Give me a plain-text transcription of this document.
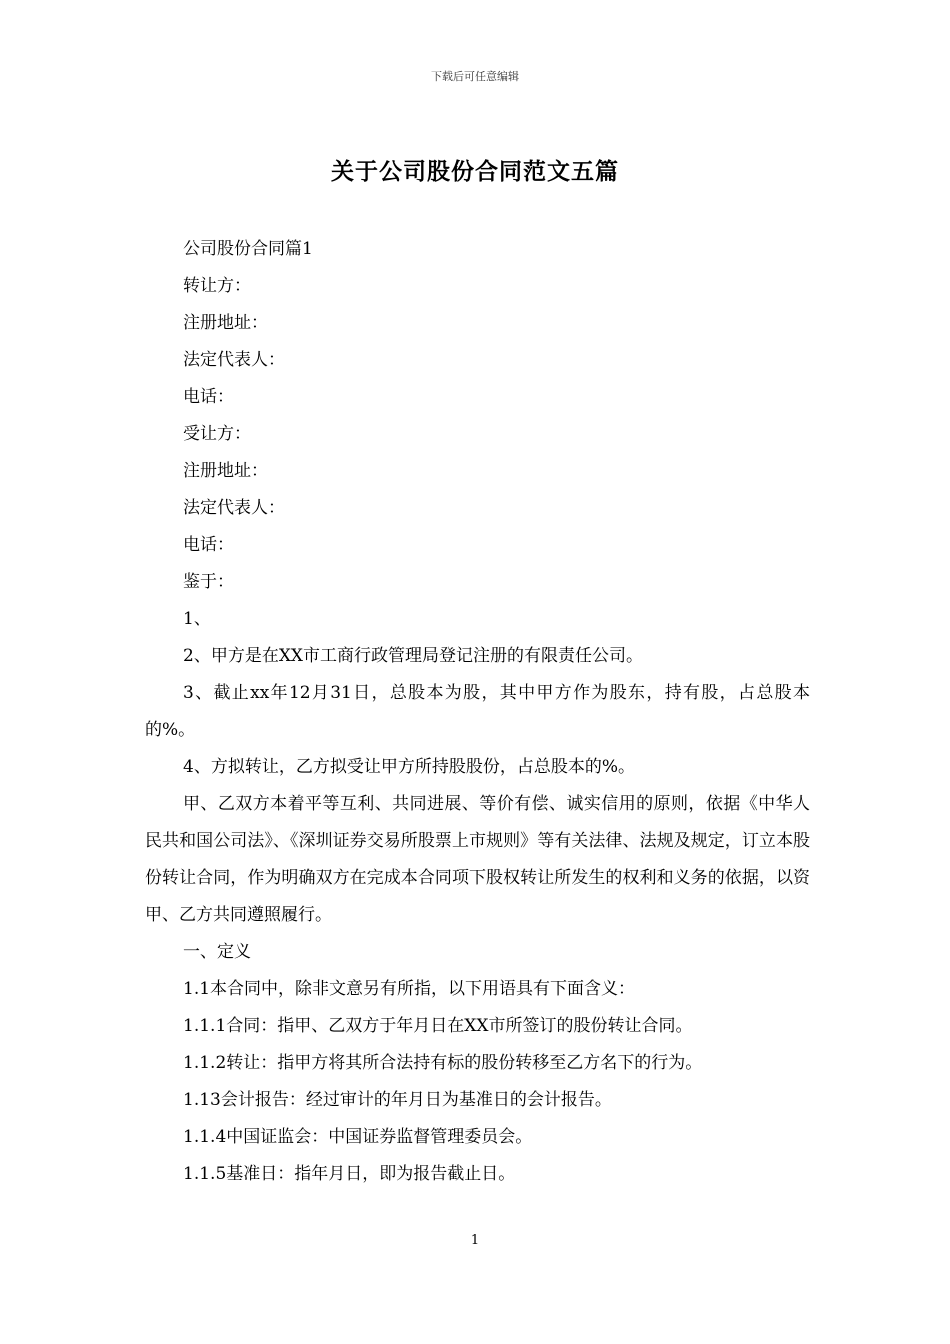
下载后可任意编辑
关于公司股份合同范文五篇
公司股份合同篇1
转让方：
注册地址：
法定代表人：
电话：
受让方：
注册地址：
法定代表人：
电话：
鉴于：
1、
2、甲方是在XX市工商行政管理局登记注册的有限责任公司。

3、截止xx年12月31日，总股本为股，其中甲方作为股东，持有股，占总股本的%。

4、方拟转让，乙方拟受让甲方所持股股份，占总股本的%。

甲、乙双方本着平等互利、共同进展、等价有偿、诚实信用的原则，依据《中华人民共和国公司法》、《深圳证券交易所股票上市规则》等有关法律、法规及规定，订立本股份转让合同，作为明确双方在完成本合同项下股权转让所发生的权利和义务的依据，以资甲、乙方共同遵照履行。

一、定义
1.1本合同中，除非文意另有所指，以下用语具有下面含义：
1.1.1合同：指甲、乙双方于年月日在XX市所签订的股份转让合同。
1.1.2转让：指甲方将其所合法持有标的股份转移至乙方名下的行为。
1.13会计报告：经过审计的年月日为基准日的会计报告。
1.1.4中国证监会：中国证券监督管理委员会。
1.1.5基准日：指年月日，即为报告截止日。
1
